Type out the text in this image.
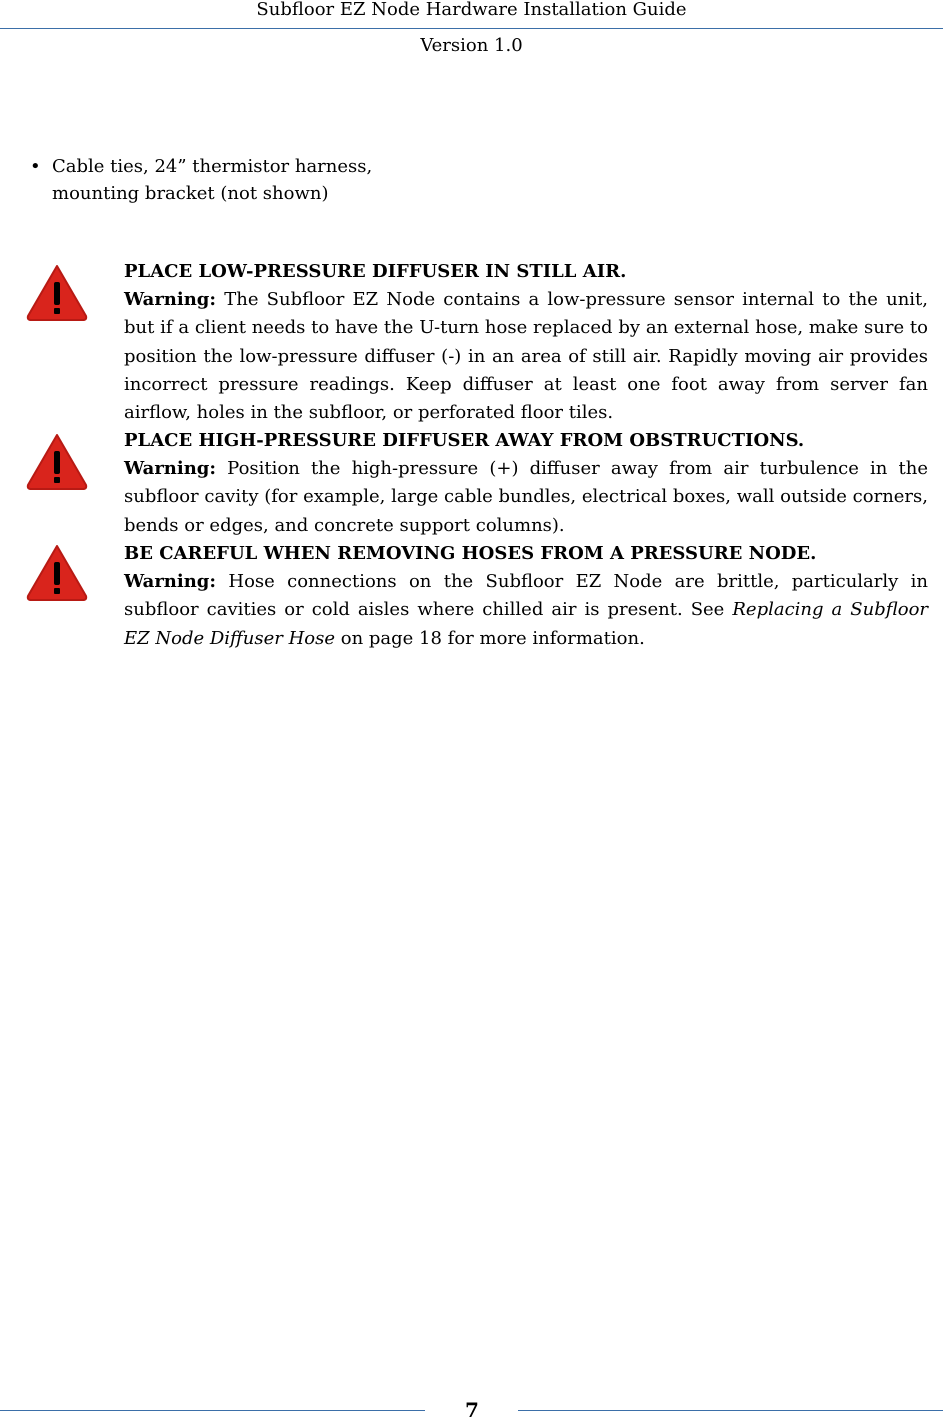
Subfloor EZ Node Hardware Installation Guide
Version 1.0
• Cable ties, 24” thermistor harness,
mounting bracket (not shown)
PLACE LOW-PRESSURE DIFFUSER IN STILL AIR.
Warning: The Subfloor EZ Node contains a low-pressure sensor internal to the unit, but if a client needs to have the U-turn hose replaced by an external hose, make sure to position the low-pressure diffuser (-) in an area of still air. Rapidly moving air provides incorrect pressure readings. Keep diffuser at least one foot away from server fan airflow, holes in the subfloor, or perforated floor tiles.
PLACE HIGH-PRESSURE DIFFUSER AWAY FROM OBSTRUCTIONS.
Warning: Position the high-pressure (+) diffuser away from air turbulence in the subfloor cavity (for example, large cable bundles, electrical boxes, wall outside corners, bends or edges, and concrete support columns).
BE CAREFUL WHEN REMOVING HOSES FROM A PRESSURE NODE.
Warning: Hose connections on the Subfloor EZ Node are brittle, particularly in subfloor cavities or cold aisles where chilled air is present. See Replacing a Subfloor EZ Node Diffuser Hose on page 18 for more information.
7
